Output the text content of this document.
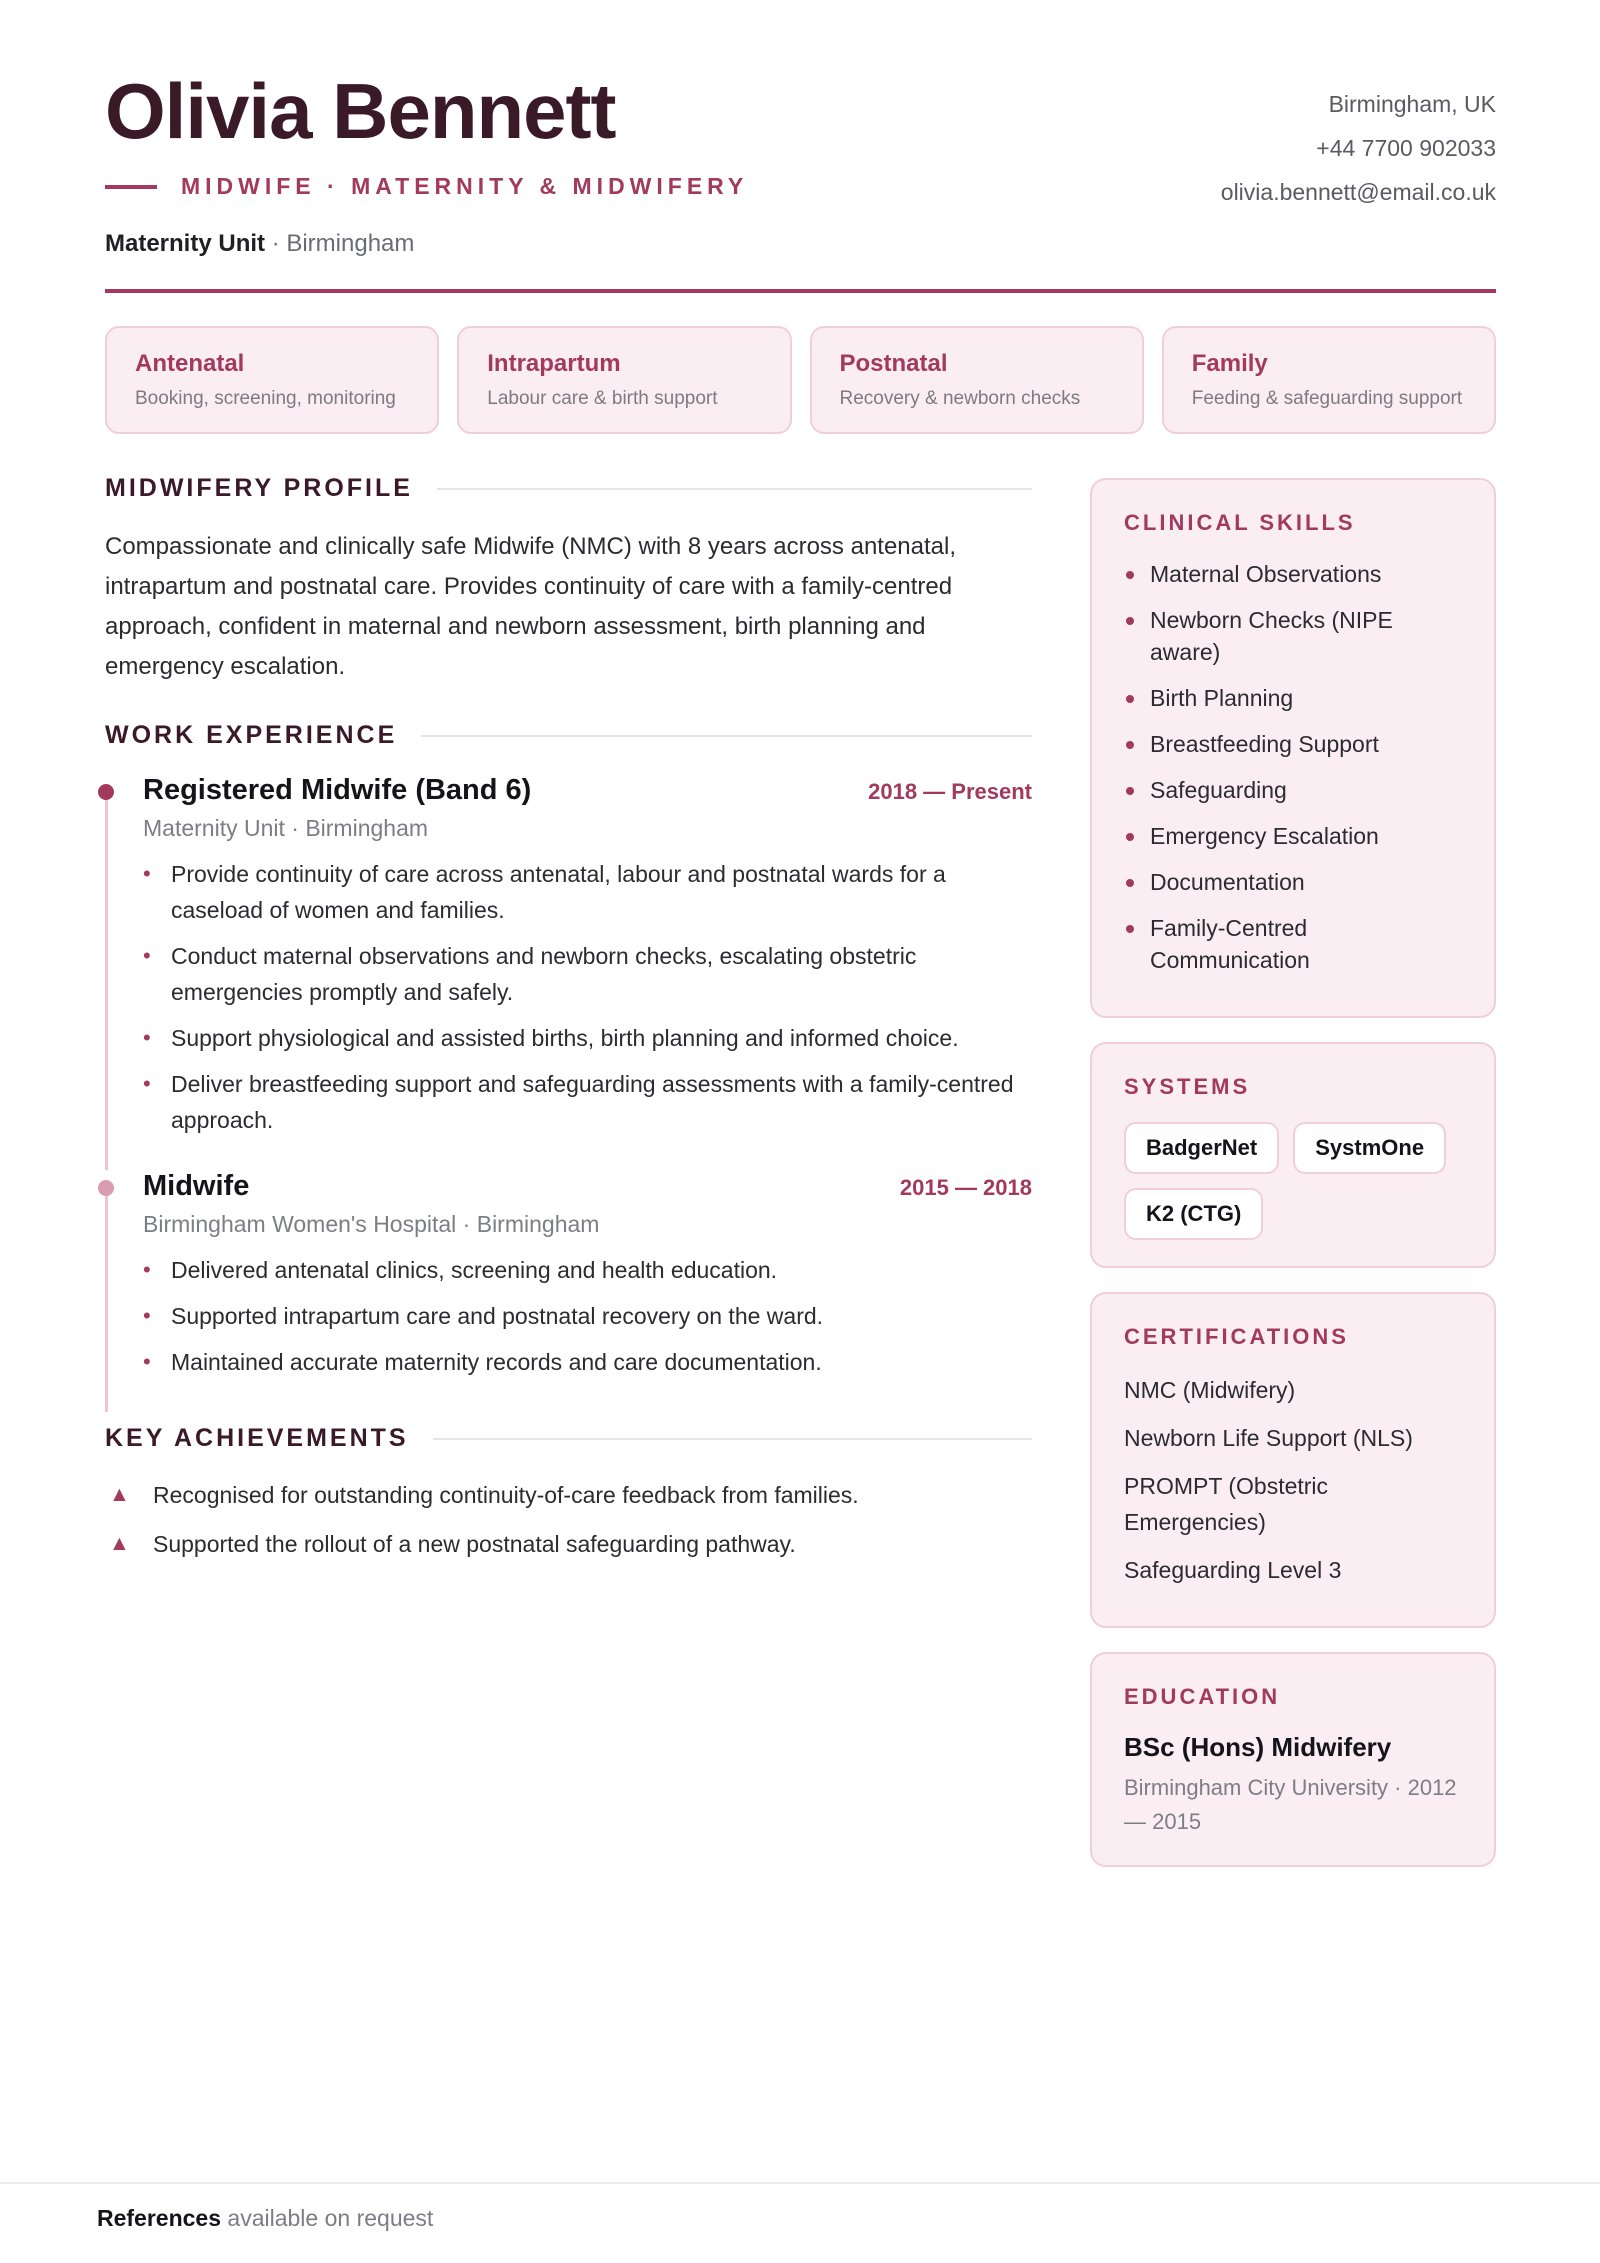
Olivia Bennett
MIDWIFE · MATERNITY & MIDWIFERY
Maternity Unit · Birmingham
Birmingham, UK
+44 7700 902033
olivia.bennett@email.co.uk
Antenatal
Booking, screening, monitoring
Intrapartum
Labour care & birth support
Postnatal
Recovery & newborn checks
Family
Feeding & safeguarding support
MIDWIFERY PROFILE

Compassionate and clinically safe Midwife (NMC) with 8 years across antenatal, intrapartum and postnatal care. Provides continuity of care with a family-centred approach, confident in maternal and newborn assessment, birth planning and emergency escalation.

WORK EXPERIENCE
Registered Midwife (Band 6)	2018 — Present
Maternity Unit · Birmingham
• Provide continuity of care across antenatal, labour and postnatal wards for a caseload of women and families.
• Conduct maternal observations and newborn checks, escalating obstetric emergencies promptly and safely.
• Support physiological and assisted births, birth planning and informed choice.
• Deliver breastfeeding support and safeguarding assessments with a family-centred approach.
Midwife	2015 — 2018
Birmingham Women's Hospital · Birmingham
• Delivered antenatal clinics, screening and health education.
• Supported intrapartum care and postnatal recovery on the ward.
• Maintained accurate maternity records and care documentation.
KEY ACHIEVEMENTS
▲	Recognised for outstanding continuity-of-care feedback from families.
▲	Supported the rollout of a new postnatal safeguarding pathway.
CLINICAL SKILLS
Maternal Observations
Newborn Checks (NIPE aware)
Birth Planning
Breastfeeding Support
Safeguarding
Emergency Escalation
Documentation
Family-Centred Communication
SYSTEMS
BadgerNet	SystmOne
K2 (CTG)
CERTIFICATIONS
NMC (Midwifery)
Newborn Life Support (NLS)
PROMPT (Obstetric Emergencies)
Safeguarding Level 3
EDUCATION
BSc (Hons) Midwifery
Birmingham City University · 2012 — 2015
References available on request
